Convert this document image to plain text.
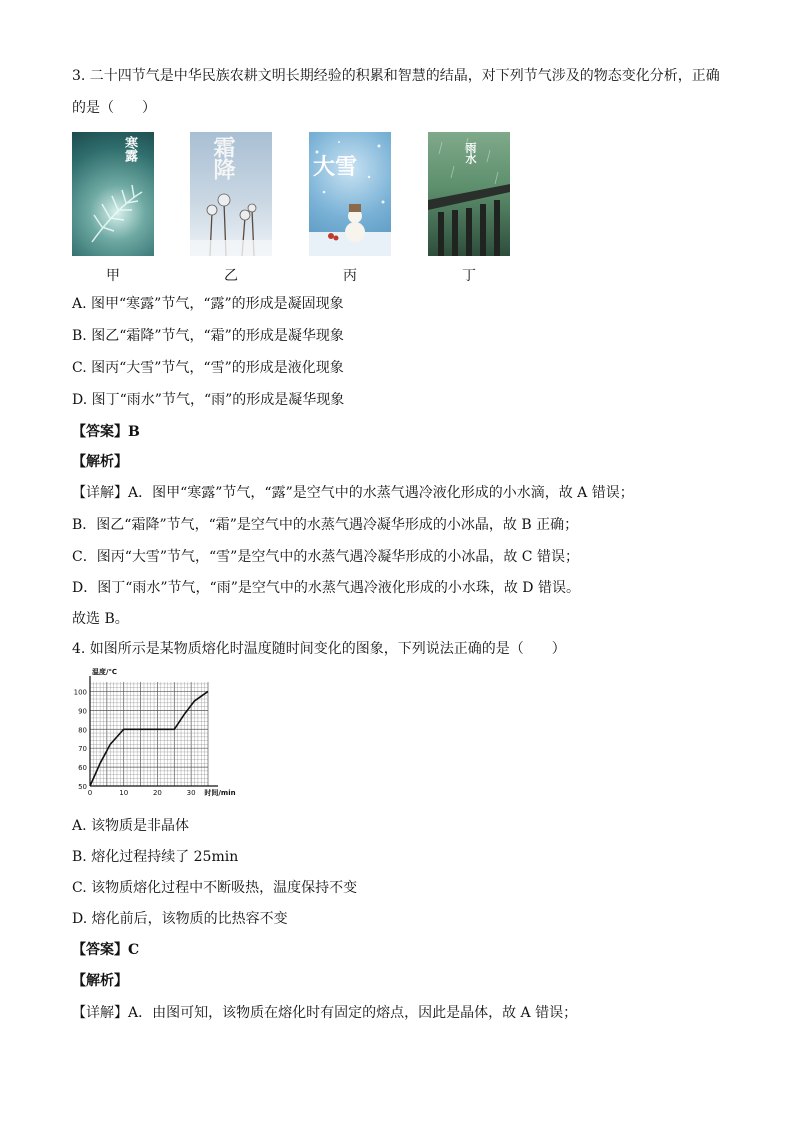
3. 二十四节气是中华民族农耕文明长期经验的积累和智慧的结晶，对下列节气涉及的物态变化分析，正确
的是（　　）
寒露
甲
霜降
乙
大雪
丙
雨水
丁
A. 图甲“寒露”节气，“露”的形成是凝固现象
B. 图乙“霜降”节气，“霜”的形成是凝华现象
C. 图丙“大雪”节气，“雪”的形成是液化现象
D. 图丁“雨水”节气，“雨”的形成是凝华现象
【答案】B
【解析】
【详解】A．图甲“寒露”节气，“露”是空气中的水蒸气遇冷液化形成的小水滴，故 A 错误；
B．图乙“霜降”节气，“霜”是空气中的水蒸气遇冷凝华形成的小冰晶，故 B 正确；
C．图丙“大雪”节气，“雪”是空气中的水蒸气遇冷凝华形成的小冰晶，故 C 错误；
D．图丁“雨水”节气，“雨”是空气中的水蒸气遇冷液化形成的小水珠，故 D 错误。
故选 B。
4. 如图所示是某物质熔化时温度随时间变化的图象，下列说法正确的是（　　）
50
60
70
80
90
100
0	10	20	30
温度/℃
时间/min
A. 该物质是非晶体
B. 熔化过程持续了 25min
C. 该物质熔化过程中不断吸热，温度保持不变
D. 熔化前后，该物质的比热容不变
【答案】C
【解析】
【详解】A．由图可知，该物质在熔化时有固定的熔点，因此是晶体，故 A 错误；
